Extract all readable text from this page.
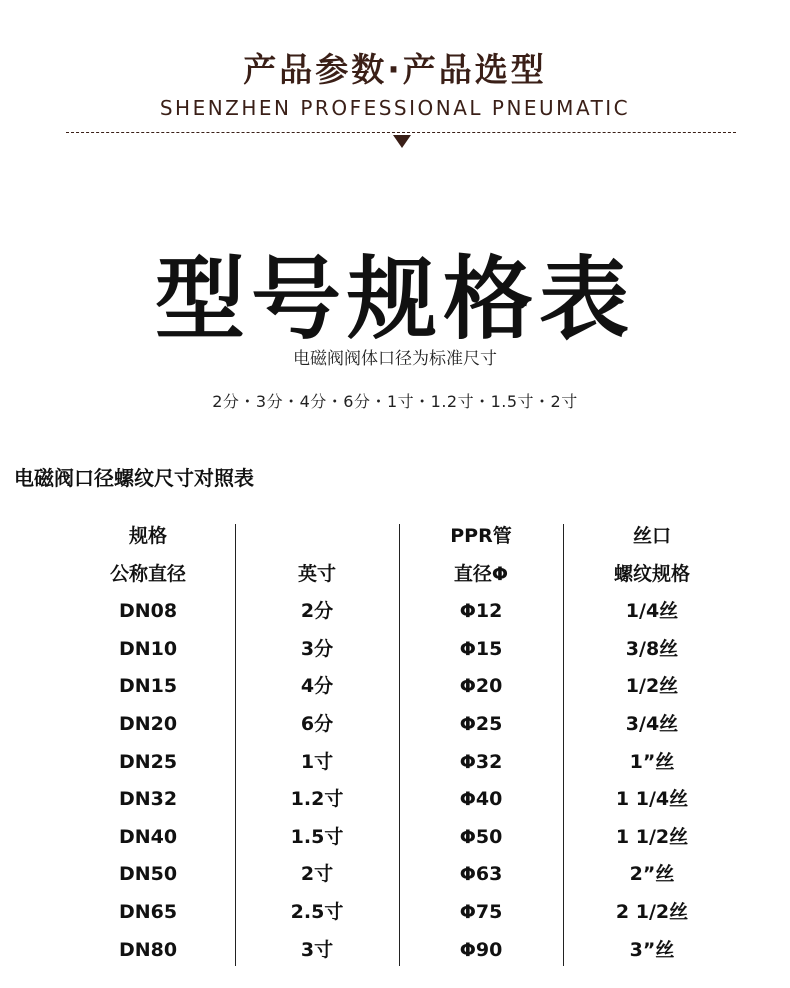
产品参数·产品选型
SHENZHEN PROFESSIONAL PNEUMATIC
型号规格表
电磁阀阀体口径为标准尺寸
2分・3分・4分・6分・1寸・1.2寸・1.5寸・2寸
电磁阀口径螺纹尺寸对照表
规格
公称直径
DN08
DN10
DN15
DN20
DN25
DN32
DN40
DN50
DN65
DN80
英寸
2分
3分
4分
6分
1寸
1.2寸
1.5寸
2寸
2.5寸
3寸
PPR管
直径Φ
Φ12
Φ15
Φ20
Φ25
Φ32
Φ40
Φ50
Φ63
Φ75
Φ90
丝口
螺纹规格
1/4丝
3/8丝
1/2丝
3/4丝
1”丝
1 1/4丝
1 1/2丝
2”丝
2 1/2丝
3”丝
